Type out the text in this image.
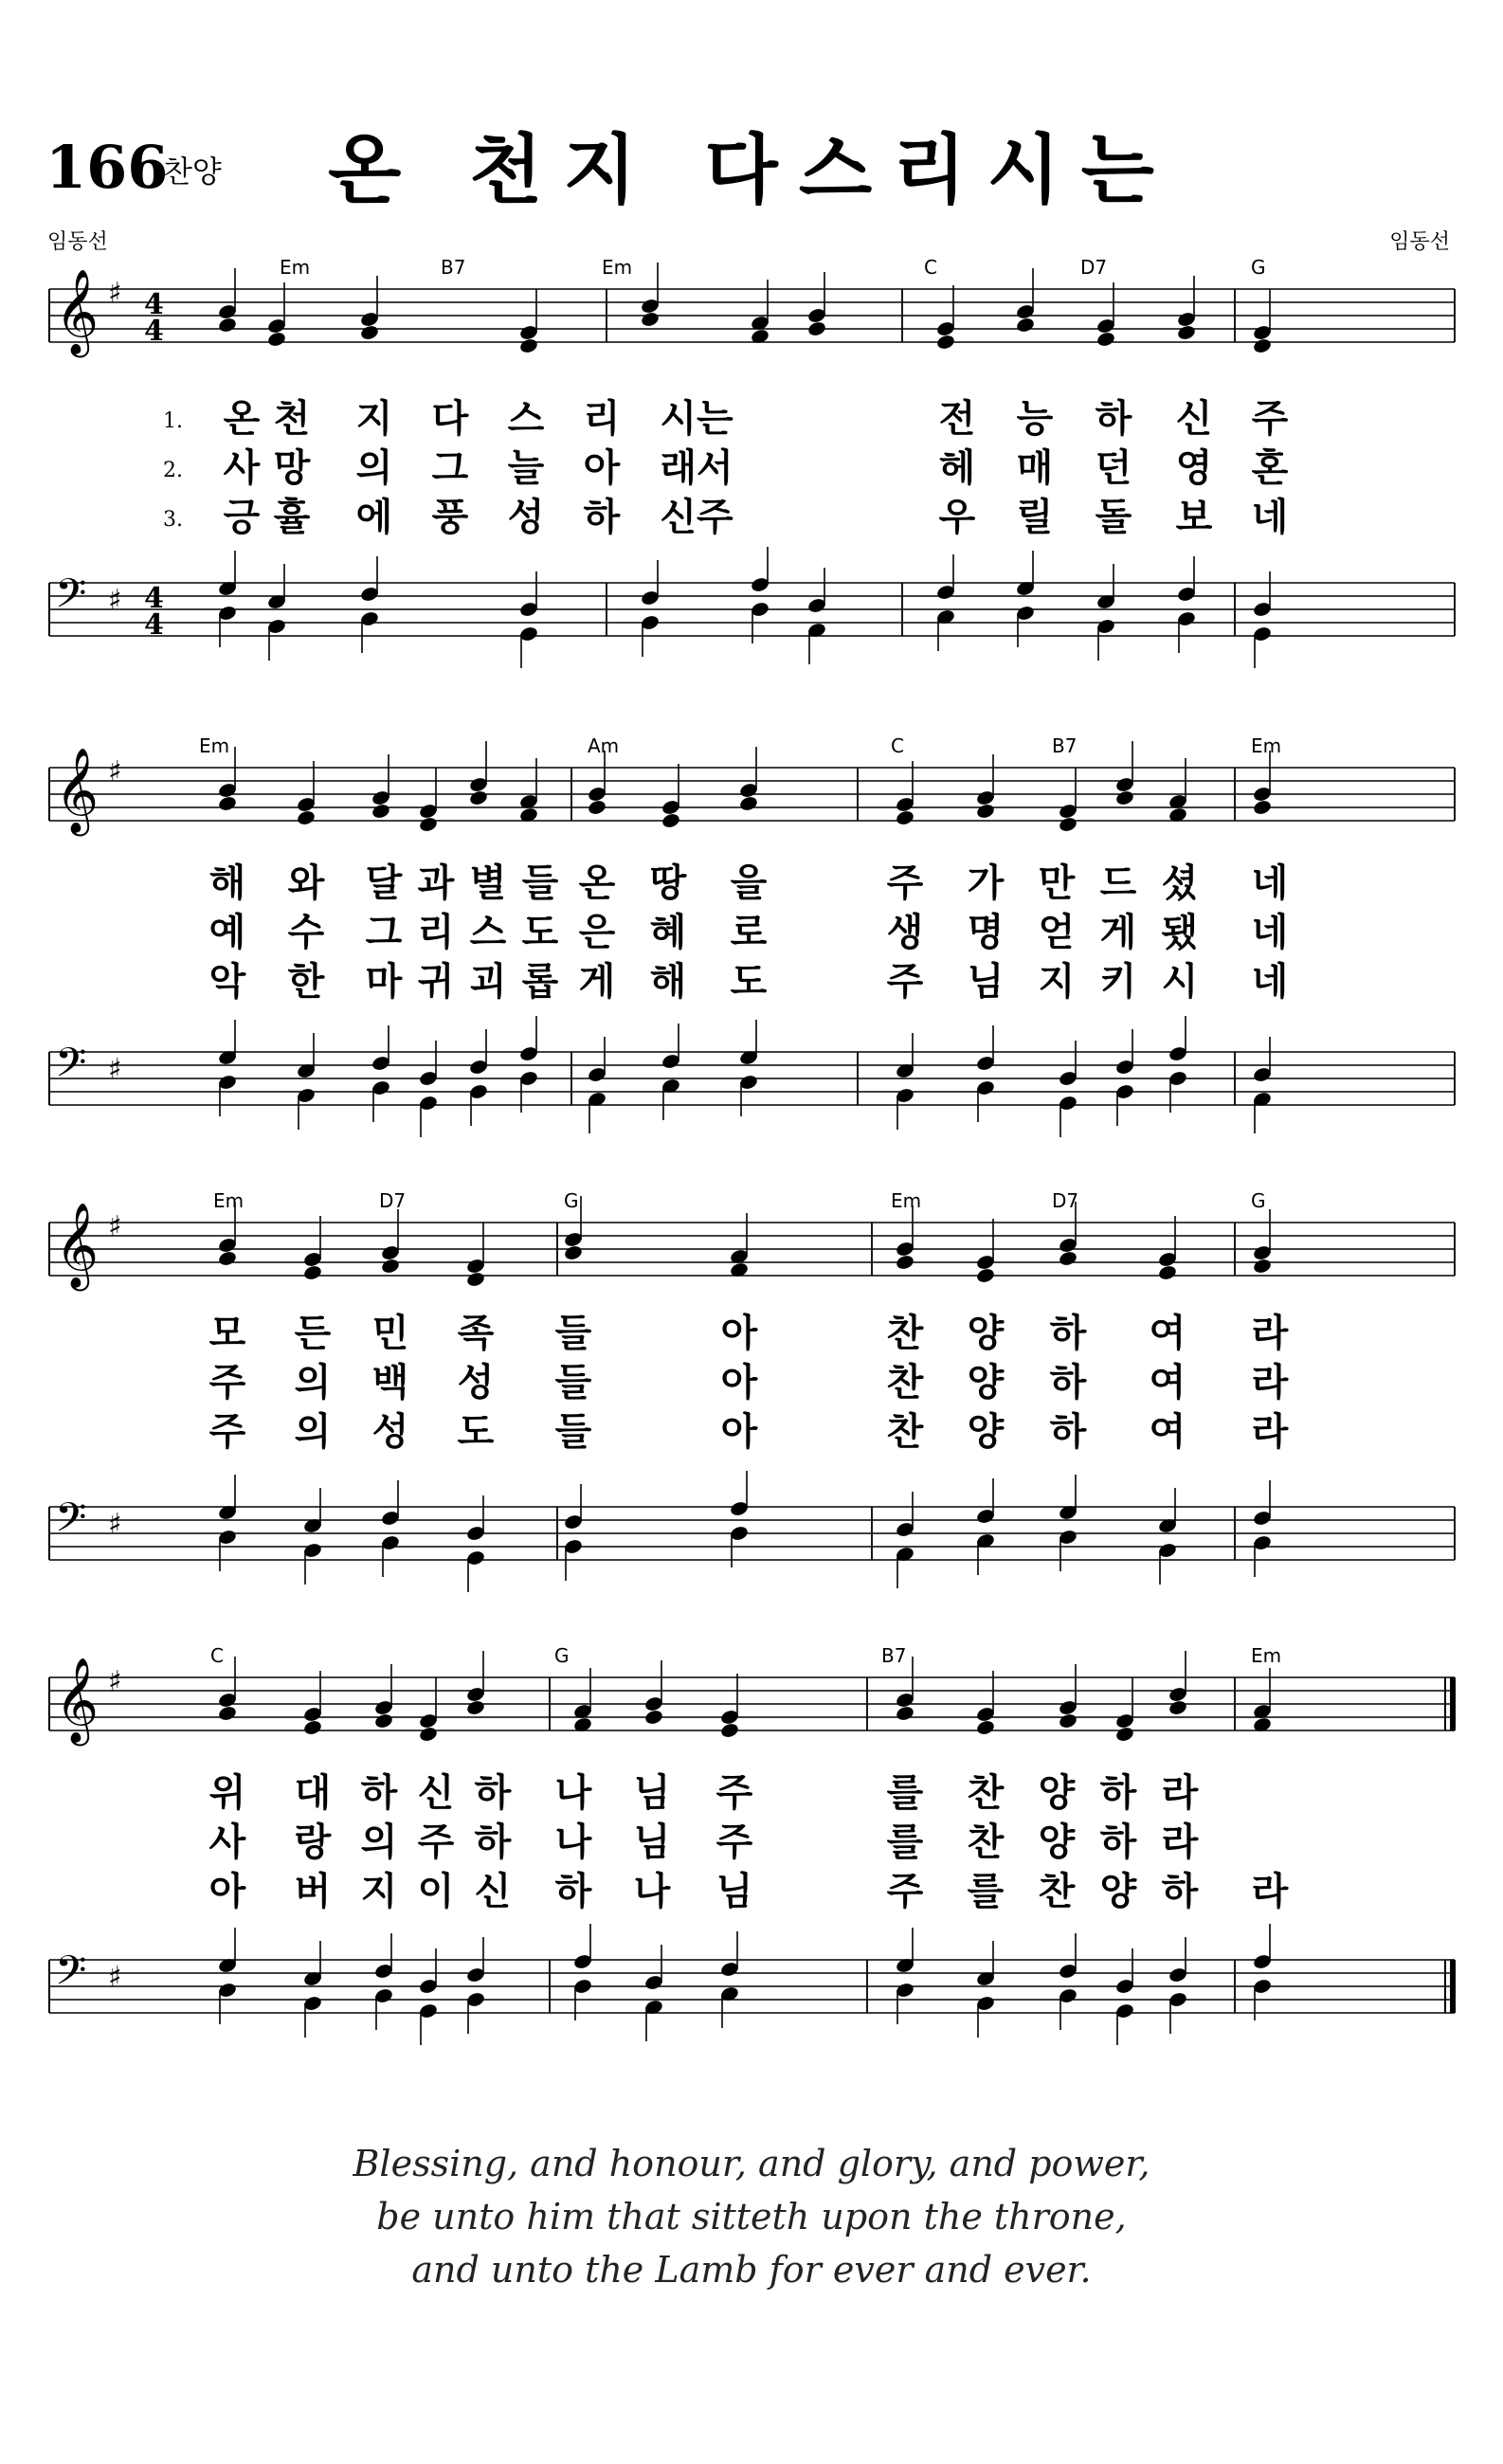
166
찬양	온 천지 다스리시는
임동선	임동선
𝄞 ♯ 4
4
𝄢 ♯ 4
4
Em	B7	Em	C	D7	G
1. 온 천 지 다 스 리 시는	전 능 하 신 주
2. 사 망 의 그 늘 아 래서	헤 매 던 영 혼
3. 긍 휼 에 풍 성 하 신주	우 릴 돌 보 네
𝄞 ♯
𝄢 ♯
Em	Am	C	B7	Em
해 와 달 과 별 들 온 땅 을	주 가 만 드 셨 네
예 수 그 리 스 도 은 혜 로	생 명 얻 게 됐 네
악 한 마 귀 괴 롭 게 해 도	주 님 지 키 시 네
𝄞 ♯
𝄢 ♯
Em	D7	G	Em	D7	G
모 든 민 족 들	아	찬 양 하 여 라
주 의 백 성 들	아	찬 양 하 여 라
주 의 성 도 들	아	찬 양 하 여 라
𝄞 ♯
𝄢 ♯
C	G	B7	Em
위 대 하 신 하 나 님 주	를 찬 양 하 라
사 랑 의 주 하 나 님 주	를 찬 양 하 라
아 버 지 이 신 하 나 님	주 를 찬 양 하 라
Blessing, and honour, and glory, and power,
be unto him that sitteth upon the throne,
and unto the Lamb for ever and ever.
